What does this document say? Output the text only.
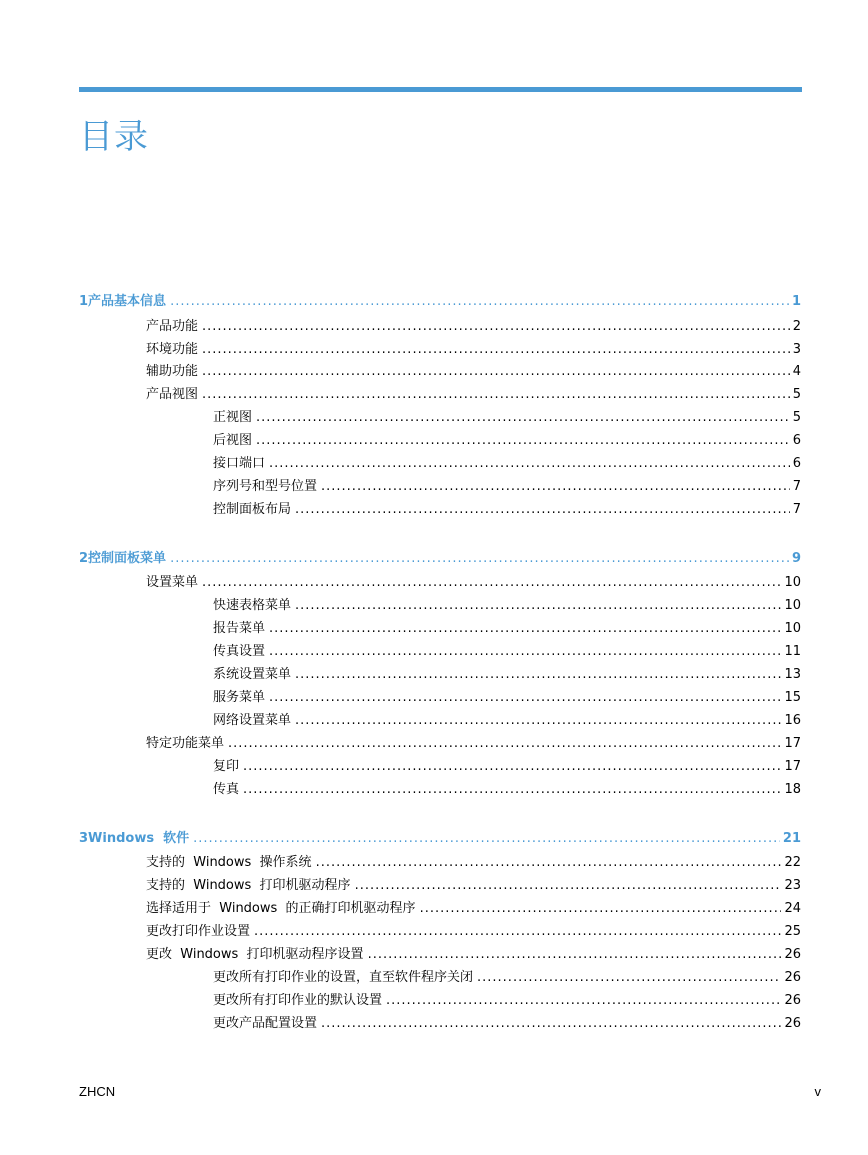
目录
1 产品基本信息 .....	1
产品功能 .....	2
环境功能 .....	3
辅助功能 .....	4
产品视图 .....	5
正视图 .....	5
后视图 .....	6
接口端口 .....	6
序列号和型号位置 .....	7
控制面板布局 .....	7
2 控制面板菜单 .....	9
设置菜单 .....	10
快速表格菜单 .....	10
报告菜单 .....	10
传真设置 .....	11
系统设置菜单 .....	13
服务菜单 .....	15
网络设置菜单 .....	16
特定功能菜单 .....	17
复印 .....	17
传真 .....	18
3 Windows  软件 .....	21
支持的  Windows  操作系统 .....	22
支持的  Windows  打印机驱动程序 .....	23
选择适用于  Windows  的正确打印机驱动程序 .....	24
更改打印作业设置 .....	25
更改  Windows  打印机驱动程序设置 .....	26
更改所有打印作业的设置，直至软件程序关闭 .....	26
更改所有打印作业的默认设置 .....	26
更改产品配置设置 .....	26
ZHCN	v
